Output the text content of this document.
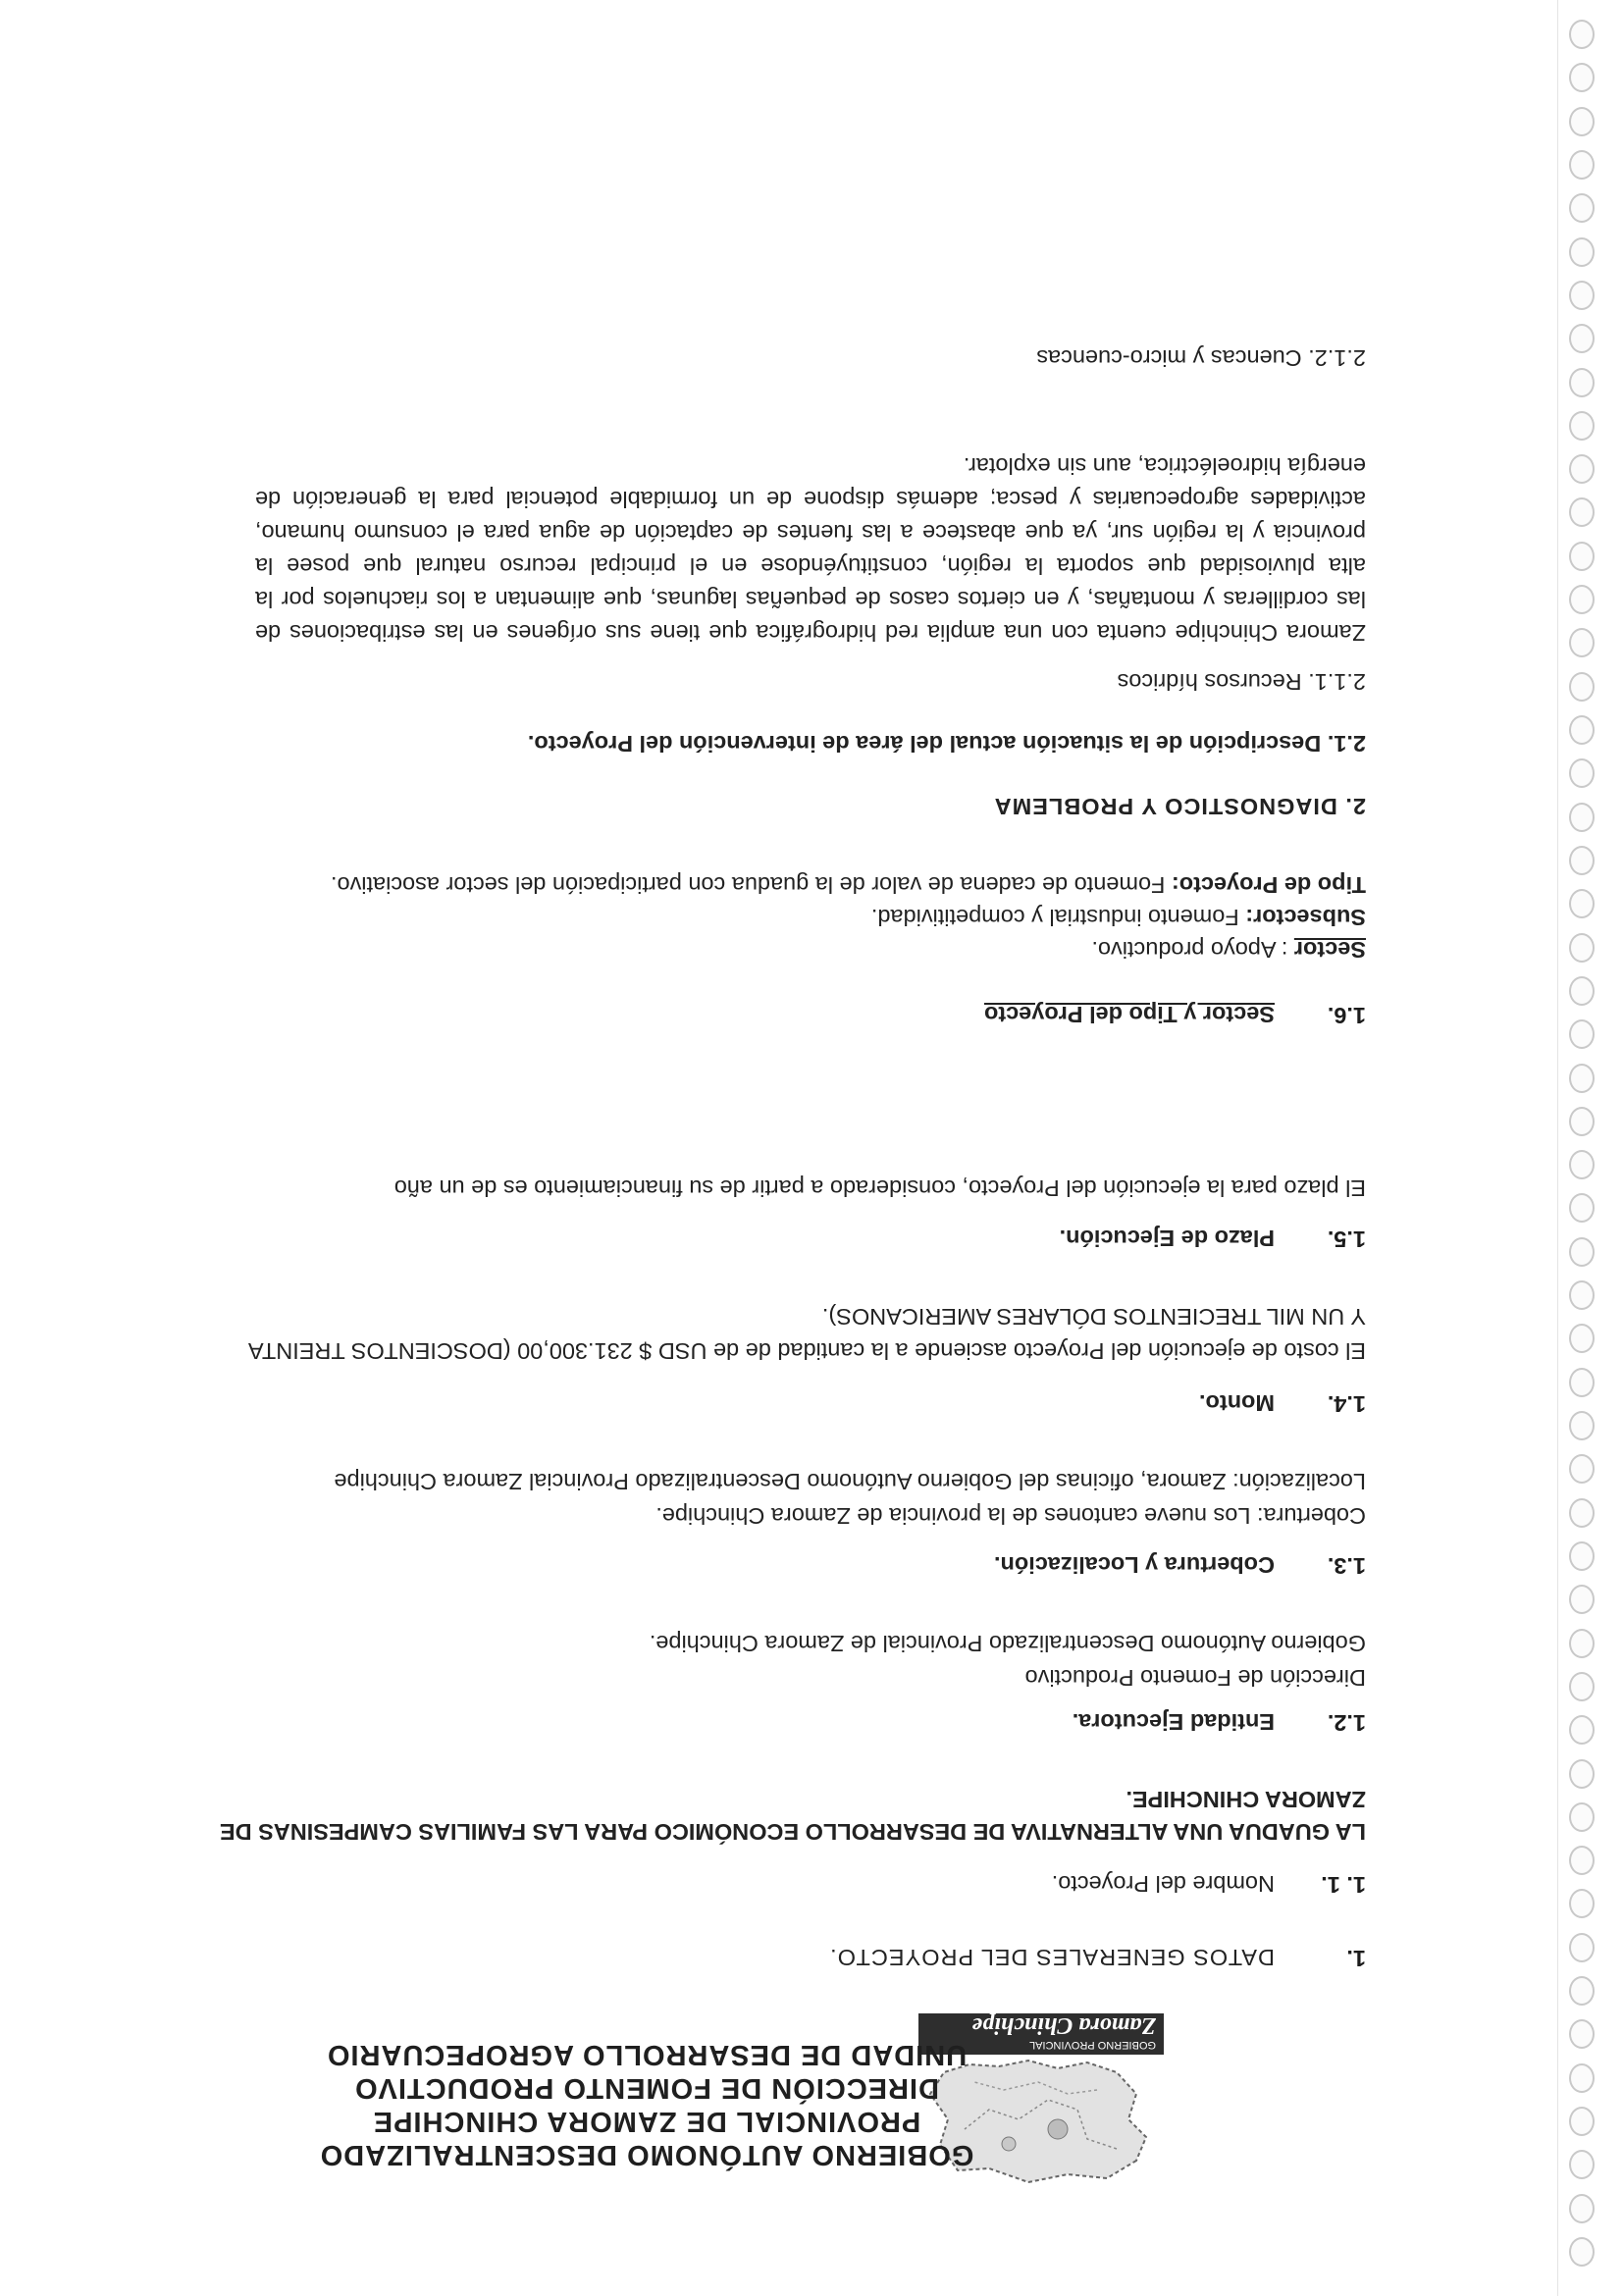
GOBIERNO PROVINCIAL
Zamora Chinchipe
GOBIERNO AUTÓNOMO DESCENTRALIZADO
PROVINCIAL DE ZAMORA CHINCHIPE
DIRECCIÓN DE FOMENTO PRODUCTIVO
UNIDAD DE DESARROLLO AGROPECUARIO
1.
DATOS GENERALES DEL PROYECTO.
1. 1.
Nombre del Proyecto.
LA GUADUA UNA ALTERNATIVA DE DESARROLLO ECONÓMICO PARA LAS FAMILIAS CAMPESINAS DE
ZAMORA CHINCHIPE.
1.2.
Entidad Ejecutora.
Dirección de Fomento Productivo
Gobierno Autónomo Descentralizado Provincial de Zamora Chinchipe.
1.3.
Cobertura y Localización.
Cobertura: Los nueve cantones de la provincia de Zamora Chinchipe.
Localización: Zamora, oficinas del Gobierno Autónomo Descentralizado Provincial Zamora Chinchipe
1.4.
Monto.
El costo de ejecución del Proyecto asciende a la cantidad de de USD $ 231.300,00 (DOSCIENTOS TREINTA
Y UN MIL TRECIENTOS DÓLARES AMERICANOS).
1.5.
Plazo de Ejecución.
El plazo para la ejecución del Proyecto, considerado a partir de su financiamiento es de un año
1.6.
Sector y Tipo del Proyecto
Sector : Apoyo productivo.
Subsector: Fomento industrial y competitividad.
Tipo de Proyecto: Fomento de cadena de valor de la guadua con participación del sector asociativo.
2. DIAGNOSTICO Y PROBLEMA
2.1. Descripción de la situación actual del área de intervención del Proyecto.
2.1.1. Recursos hídricos
Zamora Chinchipe cuenta con una amplia red hidrográfica que tiene sus orígenes en las estribaciones de
las cordilleras y montañas, y en ciertos casos de pequeñas lagunas, que alimentan a los riachuelos por la
alta pluviosidad que soporta la región, constituyéndose en el principal recurso natural que posee la
provincia y la región sur, ya que abastece a las fuentes de captación de agua para el consumo humano,
actividades agropecuarias y pesca; además dispone de un formidable potencial para la generación de
energía hidroeléctrica, aun sin explotar.
2.1.2. Cuencas y micro-cuencas
